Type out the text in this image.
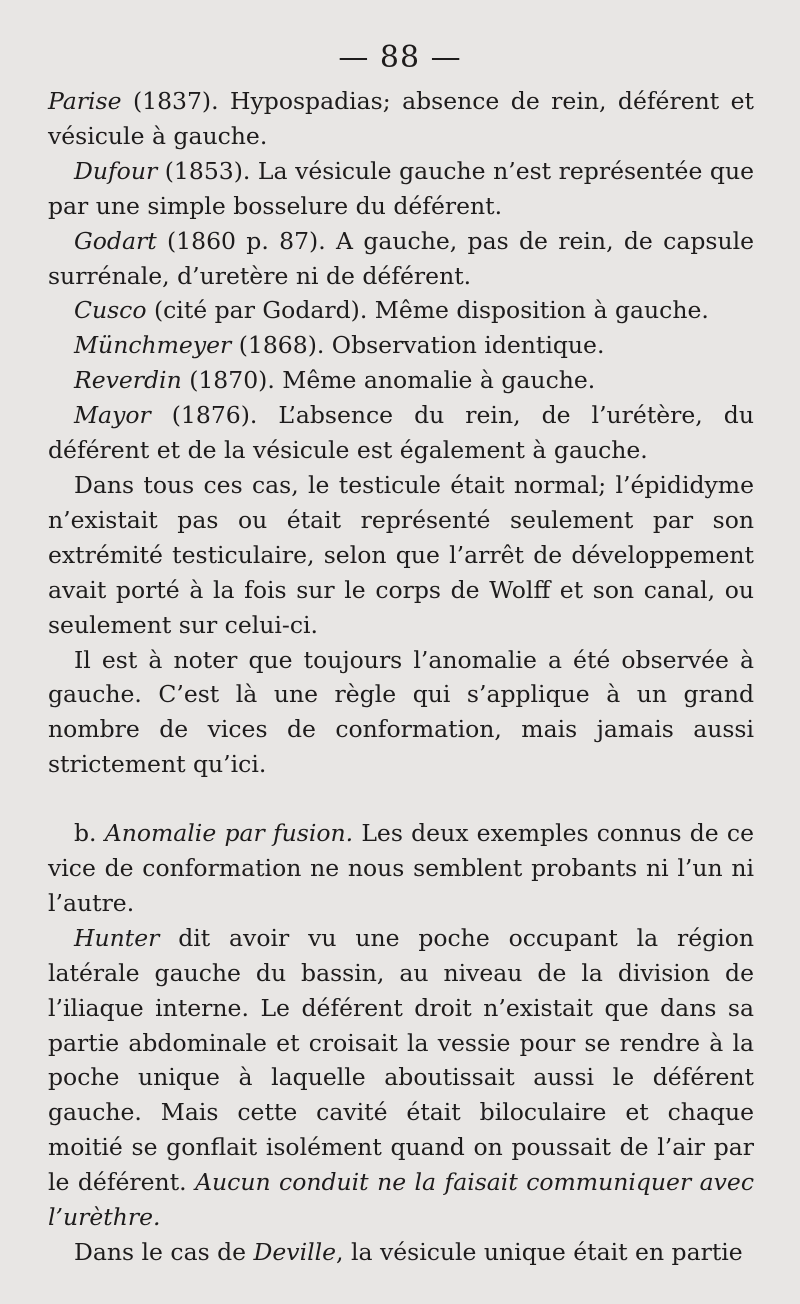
— 88 —

Parise (1837). Hypospadias; absence de rein, déférent et vésicule à gauche.

Dufour (1853). La vésicule gauche n’est représentée que par une simple bosselure du déférent.

Godart (1860 p. 87). A gauche, pas de rein, de capsule surrénale, d’uretère ni de déférent.

Cusco (cité par Godard). Même disposition à gauche.

Münchmeyer (1868). Observation identique.

Reverdin (1870). Même anomalie à gauche.

Mayor (1876). L’absence du rein, de l’urétère, du déférent et de la vésicule est également à gauche.

Dans tous ces cas, le testicule était normal; l’épididyme n’existait pas ou était représenté seulement par son extrémité testiculaire, selon que l’arrêt de développement avait porté à la fois sur le corps de Wolff et son canal, ou seulement sur celui-ci.

Il est à noter que toujours l’anomalie a été observée à gauche. C’est là une règle qui s’applique à un grand nombre de vices de conformation, mais jamais aussi strictement qu’ici.

b. Anomalie par fusion. Les deux exemples connus de ce vice de conformation ne nous semblent probants ni l’un ni l’autre.

Hunter dit avoir vu une poche occupant la région latérale gauche du bassin, au niveau de la division de l’iliaque interne. Le déférent droit n’existait que dans sa partie abdominale et croisait la vessie pour se rendre à la poche unique à laquelle aboutissait aussi le déférent gauche. Mais cette cavité était biloculaire et chaque moitié se gonflait isolément quand on poussait de l’air par le déférent. Aucun conduit ne la faisait communiquer avec l’urèthre.

Dans le cas de Deville, la vésicule unique était en partie
